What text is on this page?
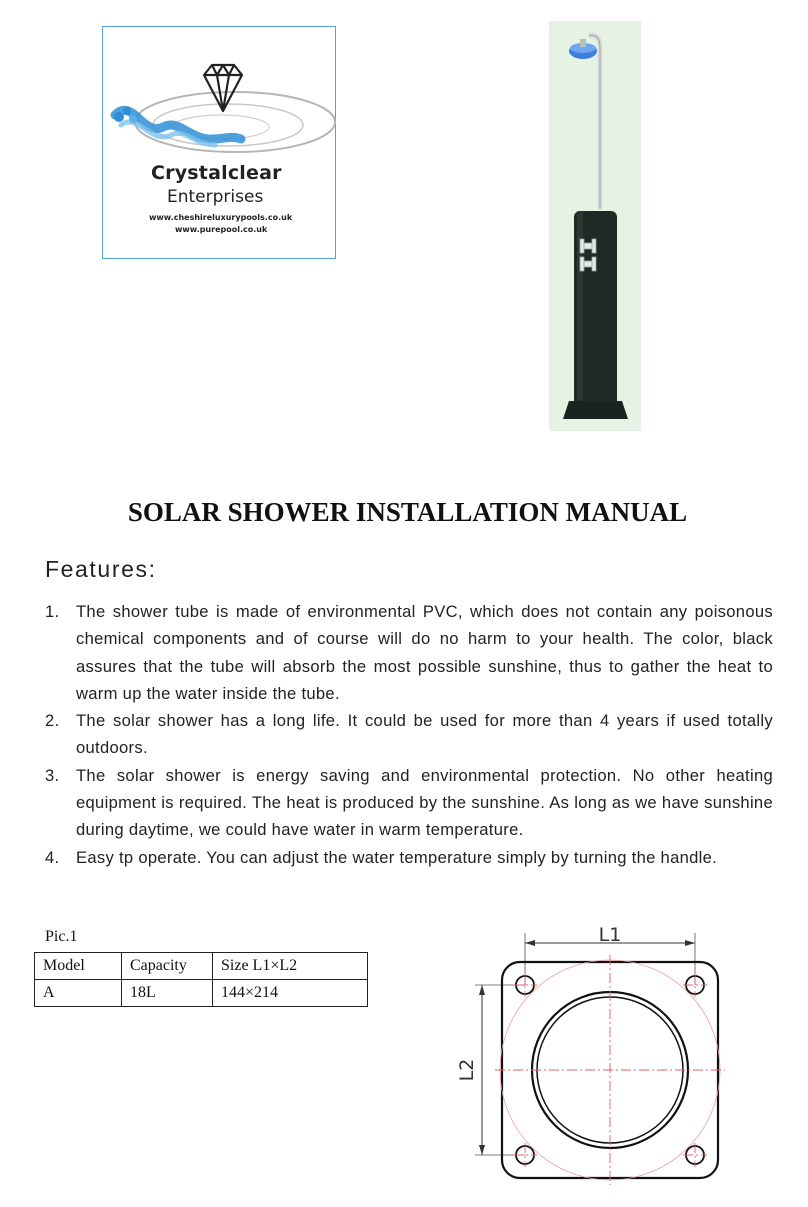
Crystalclear
Enterprises
www.cheshireluxurypools.co.uk
www.purepool.co.uk
SOLAR SHOWER INSTALLATION MANUAL
Features:
1. The shower tube is made of environmental PVC, which does not contain any poisonous chemical components and of course will do no harm to your health. The color, black assures that the tube will absorb the most possible sunshine, thus to gather the heat to warm up the water inside the tube.
2. The solar shower has a long life. It could be used for more than 4 years if used totally outdoors.
3. The solar shower is energy saving and environmental protection. No other heating equipment is required. The heat is produced by the sunshine. As long as we have sunshine during daytime, we could have water in warm temperature.
4. Easy tp operate. You can adjust the water temperature simply by turning the handle.
Pic.1
Model	Capacity	Size L1×L2
A	18L	144×214
L1
L2
